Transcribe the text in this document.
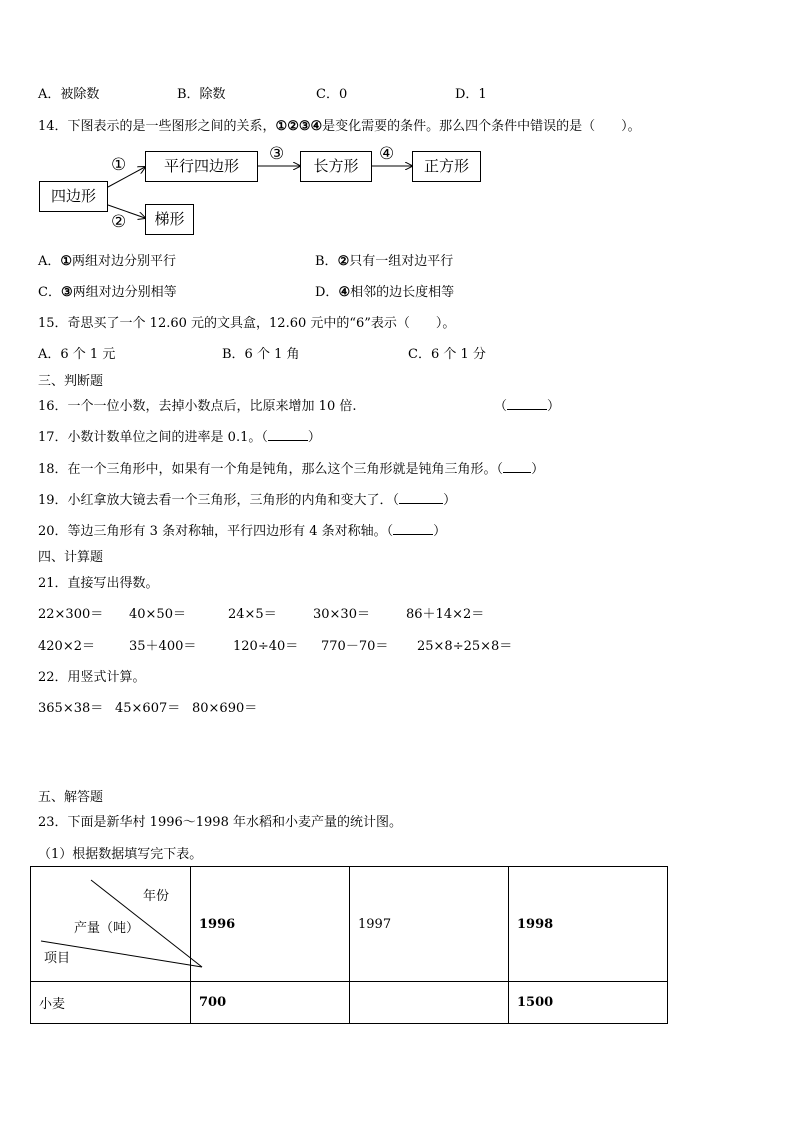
A．被除数	B．除数	C．0	D．1
14．下图表示的是一些图形之间的关系，①②③④是变化需要的条件。那么四个条件中错误的是（　　）。
四边形
平行四边形	长方形	正方形
梯形
①
②
③	④
A．①两组对边分别平行	B．②只有一组对边平行
C．③两组对边分别相等	D．④相邻的边长度相等
15．奇思买了一个 12.60 元的文具盒，12.60 元中的“6”表示（　　）。
A．6 个 1 元	B．6 个 1 角	C．6 个 1 分
三、判断题
16．一个一位小数，去掉小数点后，比原来增加 10 倍.	（	）
17．小数计数单位之间的进率是 0.1。（	）
18．在一个三角形中，如果有一个角是钝角，那么这个三角形就是钝角三角形。（ ）
19．小红拿放大镜去看一个三角形，三角形的内角和变大了．（	）
20．等边三角形有 3 条对称轴，平行四边形有 4 条对称轴。（	）
四、计算题
21．直接写出得数。
22×300＝ 40×50＝	24×5＝	30×30＝	86＋14×2＝
420×2＝	35＋400＝	120÷40＝ 770－70＝ 25×8÷25×8＝
22．用竖式计算。
365×38＝ 45×607＝ 80×690＝
五、解答题
23．下面是新华村 1996～1998 年水稻和小麦产量的统计图。
（1）根据数据填写完下表。
年份
产量（吨）
项目	1996	1997	1998
小麦	700		1500
